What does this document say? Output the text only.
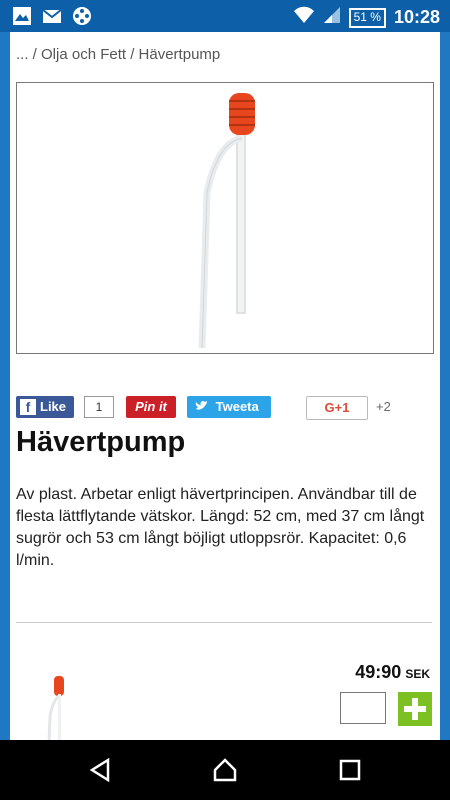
51 % 10:28
... / Olja och Fett / Hävertpump
f Like	1	Pin it	Tweeta	G+1	+2
Hävertpump

Av plast. Arbetar enligt hävertprincipen. Användbar till de flesta lättflytande vätskor. Längd: 52 cm, med 37 cm långt sugrör och 53 cm långt böjligt utloppsrör. Kapacitet: 0,6 l/min.

49:90 SEK
